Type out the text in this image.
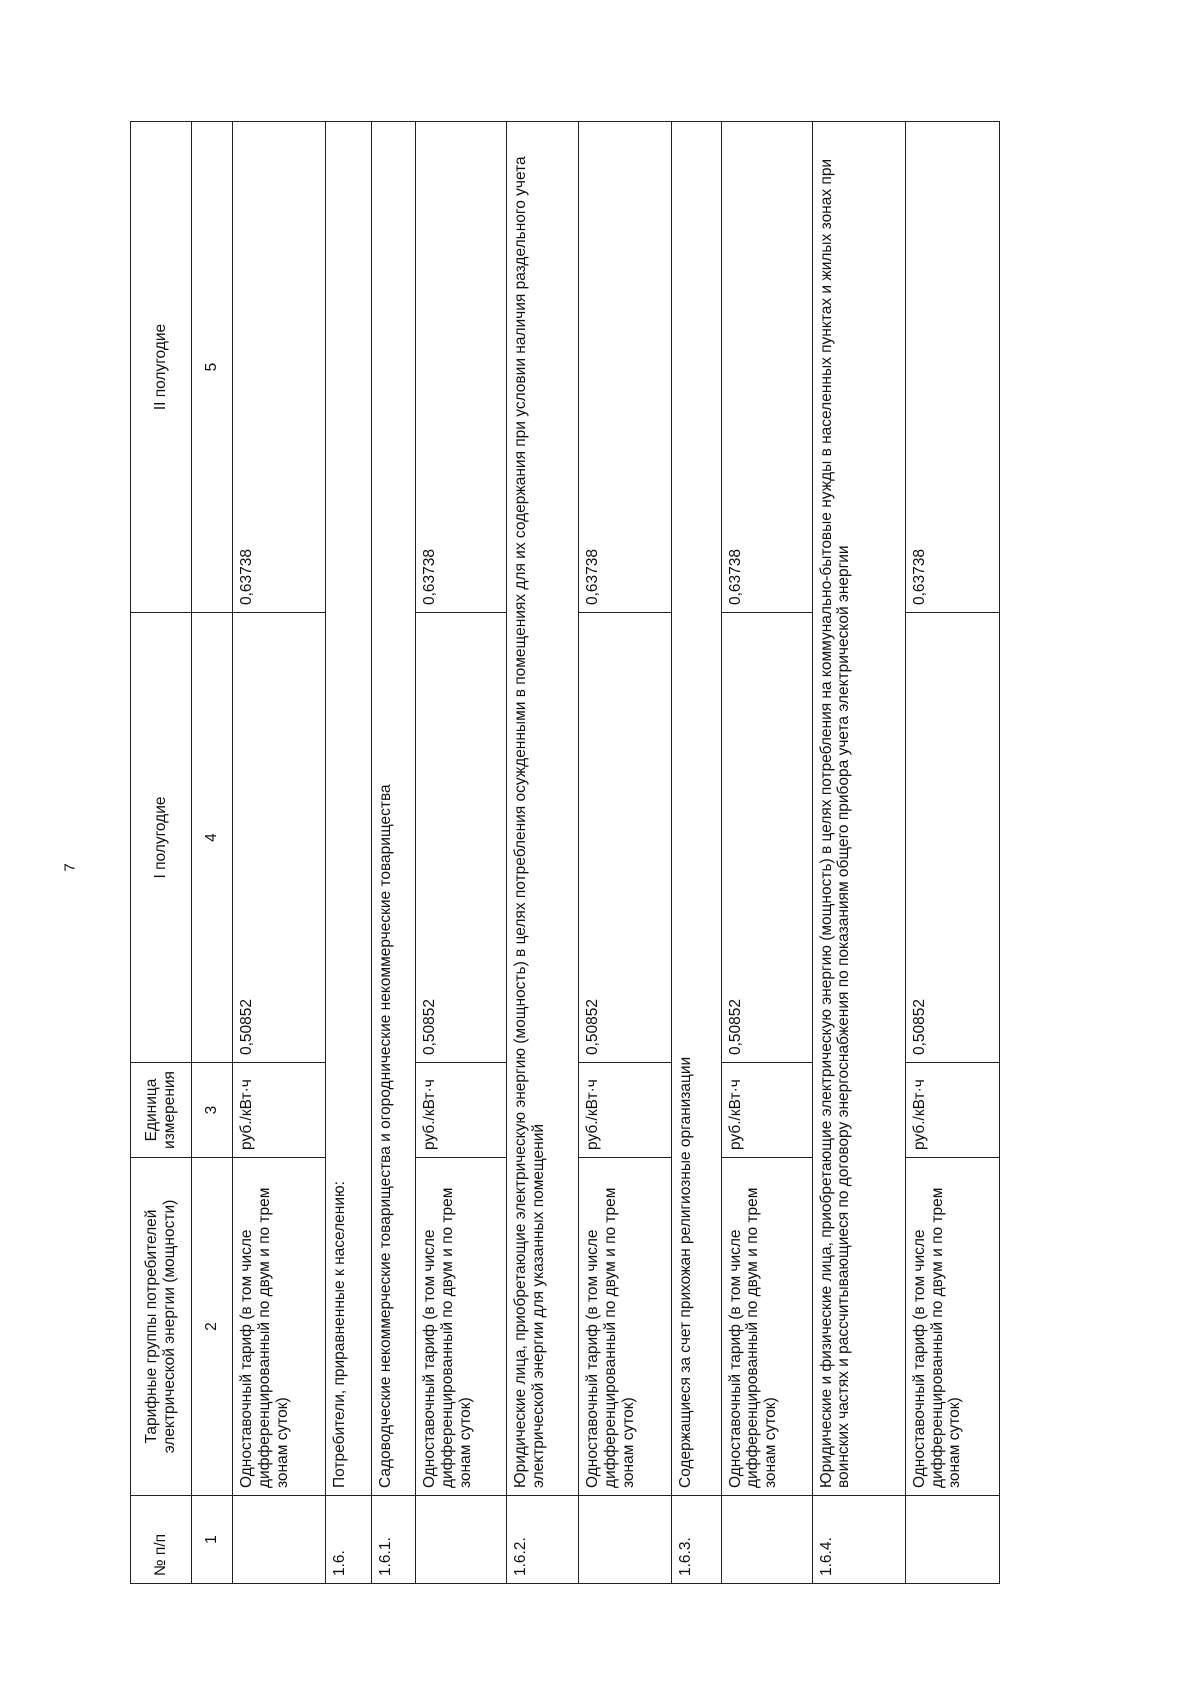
7
№ п/п	Тарифные группы потребителей электрической энергии (мощности)	Единица измерения	I полугодие	II полугодие
1	2	3	4	5
	Одноставочный тариф (в том числе дифференцированный по двум и по трем зонам суток)	руб./кВт·ч	0,50852	0,63738
1.6.	Потребители, приравненные к населению:			
1.6.1.	Садоводческие некоммерческие товарищества и огороднические некоммерческие товарищества			
	Одноставочный тариф (в том числе дифференцированный по двум и по трем зонам суток)	руб./кВт·ч	0,50852	0,63738
1.6.2.	Юридические лица, приобретающие электрическую энергию (мощность) в целях потребления осужденными в помещениях для их содержания при условии наличия раздельного учета электрической энергии для указанных помещений			
	Одноставочный тариф (в том числе дифференцированный по двум и по трем зонам суток)	руб./кВт·ч	0,50852	0,63738
1.6.3.	Содержащиеся за счет прихожан религиозные организации			
	Одноставочный тариф (в том числе дифференцированный по двум и по трем зонам суток)	руб./кВт·ч	0,50852	0,63738
1.6.4.	Юридические и физические лица, приобретающие электрическую энергию (мощность) в целях потребления на коммунально-бытовые нужды в населенных пунктах и жилых зонах при воинских частях и рассчитывающиеся по договору энергоснабжения по показаниям общего прибора учета электрической энергии			
	Одноставочный тариф (в том числе дифференцированный по двум и по трем зонам суток)	руб./кВт·ч	0,50852	0,63738
